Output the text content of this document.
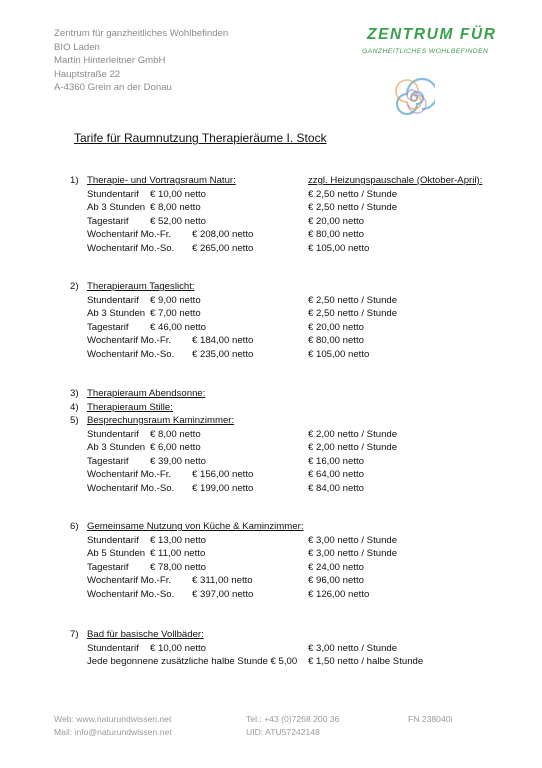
Zentrum für ganzheitliches Wohlbefinden
BIO Laden
Martin Hinterleitner GmbH
Hauptstraße 22
A-4360 Grein an der Donau
ZENTRUM FÜR
GANZHEITLICHES WOHLBEFINDEN
Tarife für Raumnutzung Therapieräume I. Stock
1) Therapie- und Vortragsraum Natur:	zzgl. Heizungspauschale (Oktober-April):
Stundentarif € 10,00 netto	€ 2,50 netto / Stunde
Ab 3 Stunden € 8,00 netto	€ 2,50 netto / Stunde
Tagestarif € 52,00 netto	€ 20,00 netto
Wochentarif Mo.-Fr. € 208,00 netto	€ 80,00 netto
Wochentarif Mo.-So. € 265,00 netto	€ 105,00 netto
2) Therapieraum Tageslicht:
Stundentarif € 9,00 netto	€ 2,50 netto / Stunde
Ab 3 Stunden € 7,00 netto	€ 2,50 netto / Stunde
Tagestarif € 46,00 netto	€ 20,00 netto
Wochentarif Mo.-Fr. € 184,00 netto	€ 80,00 netto
Wochentarif Mo.-So. € 235,00 netto	€ 105,00 netto
3) Therapieraum Abendsonne:
4) Therapieraum Stille:
5) Besprechungsraum Kaminzimmer:
Stundentarif € 8,00 netto	€ 2,00 netto / Stunde
Ab 3 Stunden € 6,00 netto	€ 2,00 netto / Stunde
Tagestarif € 39,00 netto	€ 16,00 netto
Wochentarif Mo.-Fr. € 156,00 netto	€ 64,00 netto
Wochentarif Mo.-So. € 199,00 netto	€ 84,00 netto
6) Gemeinsame Nutzung von Küche & Kaminzimmer:
Stundentarif € 13,00 netto	€ 3,00 netto / Stunde
Ab 5 Stunden € 11,00 netto	€ 3,00 netto / Stunde
Tagestarif € 78,00 netto	€ 24,00 netto
Wochentarif Mo.-Fr. € 311,00 netto	€ 96,00 netto
Wochentarif Mo.-So. € 397,00 netto	€ 126,00 netto
7) Bad für basische Vollbäder:
Stundentarif € 10,00 netto	€ 3,00 netto / Stunde
Jede begonnene zusätzliche halbe Stunde € 5,00 € 1,50 netto / halbe Stunde
Web: www.naturundwissen.net
Mail: info@naturundwissen.net
Tel.: +43 (0)7268 200 36
UID: ATU57242148
FN 238040i
